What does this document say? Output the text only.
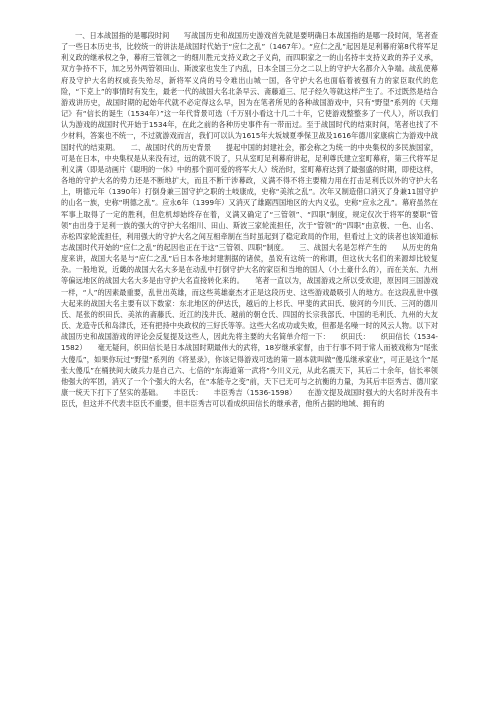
一、日本战国指的是哪段时间　　写战国历史和战国历史游戏首先就是要明确日本战国指的是哪一段时间，笔者查了一些日本历史书，比较统一的讲法是战国时代始于“应仁之乱”（1467年）。“应仁之乱”起因是足利幕府第8代将军足利义政的继承权之争，幕府三管领之一的细川胜元支持义政之子义尚，而四职家之一的山名持丰支持义政的养子义承，双方争持不下，加之另外两管领田山、斯波家也发生了内乱，日本全国三分之二以上的守护大名都介入争端。战乱使幕府及守护大名的权威丧失殆尽，新将军义尚的号令难出山城一国，各守护大名也面临着被强有力的家臣取代的危险，“下克上”的事情时有发生，最老一代的战国大名北条早云、斋藤道三、尼子经久等就这样产生了。不过既然是结合游戏讲历史，战国时期的起始年代就不必定得这么早，因为在笔者所见的各种战国游戏中，只有“野望”系列的《天翔记》有“信长的诞生（1534年）”这一年代背景可选（千万别小看这十几二十年，它使游戏整整多了一代人），所以我们认为游戏的战国时代开始于1534年，在此之前的各种历史事件有一带而过。至于战国时代的结束时间，笔者也找了不少材料，答案也不统一，不过就游戏而言，我们可以认为1615年大坂城夏季保卫战及1616年德川家康病亡为游戏中战国时代的结束期。　　二、战国时代的历史背景　　提起中国的封建社会，都会称之为统一的中央集权的多民族国家，可是在日本，中央集权是从来没有过，远的就不说了，只从室町足利幕府讲起，足利尊氏建立室町幕府，第三代将军足利义满（即是动画片《聪明的一休》中的那个面可爱的将军大人）统治时，室町幕府达到了最强盛的时期，即使这样，各地的守护大名的势力还是不断地扩大，而且不断干涉幕政，义满不得不将主要精力用在打击足利氏以外的守护大名上，明德元年（1390年）打倒身兼三国守护之职的土岐康成，史称“美浓之乱”。次年又制造借口消灭了身兼11国守护的山名一族，史称“明德之乱”。应永6年（1399年）又消灭了雄踞西国地区的大内义弘，史称“应永之乱”。幕府虽然在军事上取得了一定的胜利，但危机却始终存在着，义满又确定了“三管领”、“四职”制度，规定仅次于将军的要职“管领”由出身于足利一族的强大的守护大名细川、田山、斯波三家轮流担任，次于“管领”的“四职”由京极、一色、山名、赤松四家轮流担任，利用强大的守护大名之间互相牵制在当时虽起到了稳定政局的作用，但看过上文的读者也该知道标志战国时代开始的“应仁之乱”的起因也正在于这“三管领、四职”制度。　　三、战国大名是怎样产生的　　从历史的角度来讲，战国大名是与“应仁之乱”后日本各地封建割据的诸侯，虽说有这统一的称谓，但这伙大名们的来源却比较复杂。一般地说，近畿的战国大名大多是在动乱中打倒守护大名的家臣和当地的国人（小土豪什么的），而在关东、九州等偏远地区的战国大名大多是由守护大名直接转化来的。　　笔者一直以为，战国游戏之所以受欢迎，原因同三国游戏一样，“人”的因素最重要，乱世出英雄，而这些英雄豪杰才正是这段历史、这些游戏最吸引人的地方。在这段乱世中强大起来的战国大名主要有以下数家：东北地区的伊达氏，越后的上杉氏、甲斐的武田氏、骏河的今川氏、三河的德川氏、尾张的织田氏、美浓的斋藤氏、近江的浅井氏、越前的朝仓氏、四国的长宗我部氏、中国的毛利氏、九州的大友氏、龙造寺氏和岛津氏，还有把持中央政权的三好氏等等。这些大名成功或失败，但都是名噪一时的风云人物。以下对战国历史和战国游戏的评论会反复提及这些人，因此先将主要的大名简单介绍一下：　　织田氏：　　织田信长（1534-1582）　　毫无疑问，织田信长是日本战国时期最伟大的武将，18岁继承家督，由于行事不同于常人而被戏称为“尾张大傻瓜”，如果你玩过“野望”系列的《将星录》，你该记得游戏可选的第一剧本就叫做“傻瓜继承家业”，可正是这个“尾张大傻瓜”在桶狭间大破兵力是自己六、七倍的“东海道第一武将”今川义元，从此名震天下，其后二十余年，信长率领他强大的军团，消灭了一个个强大的大名，在“本能寺之变”前，天下已无可与之抗衡的力量，为其后丰臣秀吉、德川家康一统天下打下了坚实的基础。　　丰臣氏：　　丰臣秀吉（1536-1598）　　在游文提及战国时强大的大名时并没有丰臣氏，但这并不代表丰臣氏不重要，但丰臣秀吉可以看成织田信长的继承者，他所占据的地域、拥有的
